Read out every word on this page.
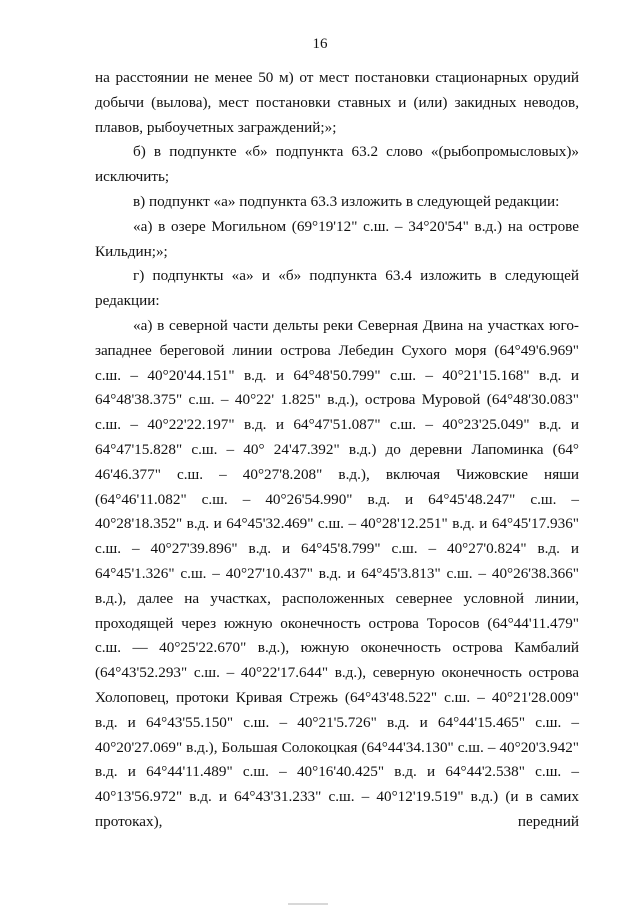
16

на расстоянии не менее 50 м) от мест постановки стационарных орудий добычи (вылова), мест постановки ставных и (или) закидных неводов, плавов, рыбоучетных заграждений;»;

б) в подпункте «б» подпункта 63.2 слово «(рыбопромысловых)» исключить;

в) подпункт «а» подпункта 63.3 изложить в следующей редакции:

«а) в озере Могильном (69°19'12" с.ш. – 34°20'54" в.д.) на острове Кильдин;»;

г) подпункты «а» и «б» подпункта 63.4 изложить в следующей редакции:

«а) в северной части дельты реки Северная Двина на участках юго-западнее береговой линии острова Лебедин Сухого моря (64°49'6.969" с.ш. – 40°20'44.151" в.д. и 64°48'50.799" с.ш. – 40°21'15.168" в.д. и 64°48'38.375" с.ш. – 40°22' 1.825" в.д.), острова Муровой (64°48'30.083" с.ш. – 40°22'22.197" в.д. и 64°47'51.087" с.ш. – 40°23'25.049" в.д. и 64°47'15.828" с.ш. – 40° 24'47.392" в.д.) до деревни Лапоминка (64° 46'46.377" с.ш. – 40°27'8.208" в.д.), включая Чижовские няши (64°46'11.082" с.ш. – 40°26'54.990" в.д. и 64°45'48.247" с.ш. – 40°28'18.352" в.д. и 64°45'32.469" с.ш. – 40°28'12.251" в.д. и 64°45'17.936" с.ш. – 40°27'39.896" в.д. и 64°45'8.799" с.ш. – 40°27'0.824" в.д. и 64°45'1.326" с.ш. – 40°27'10.437" в.д. и 64°45'3.813" с.ш. – 40°26'38.366" в.д.), далее на участках, расположенных севернее условной линии, проходящей через южную оконечность острова Торосов (64°44'11.479" с.ш. — 40°25'22.670" в.д.), южную оконечность острова Камбалий (64°43'52.293" с.ш. – 40°22'17.644" в.д.), северную оконечность острова Холоповец, протоки Кривая Стрежь (64°43'48.522" с.ш. – 40°21'28.009" в.д. и 64°43'55.150" с.ш. – 40°21'5.726" в.д. и 64°44'15.465" с.ш. – 40°20'27.069" в.д.), Большая Солокоцкая (64°44'34.130" с.ш. – 40°20'3.942" в.д. и 64°44'11.489" с.ш. – 40°16'40.425" в.д. и 64°44'2.538" с.ш. – 40°13'56.972" в.д. и 64°43'31.233" с.ш. – 40°12'19.519" в.д.) (и в самих протоках), передний
